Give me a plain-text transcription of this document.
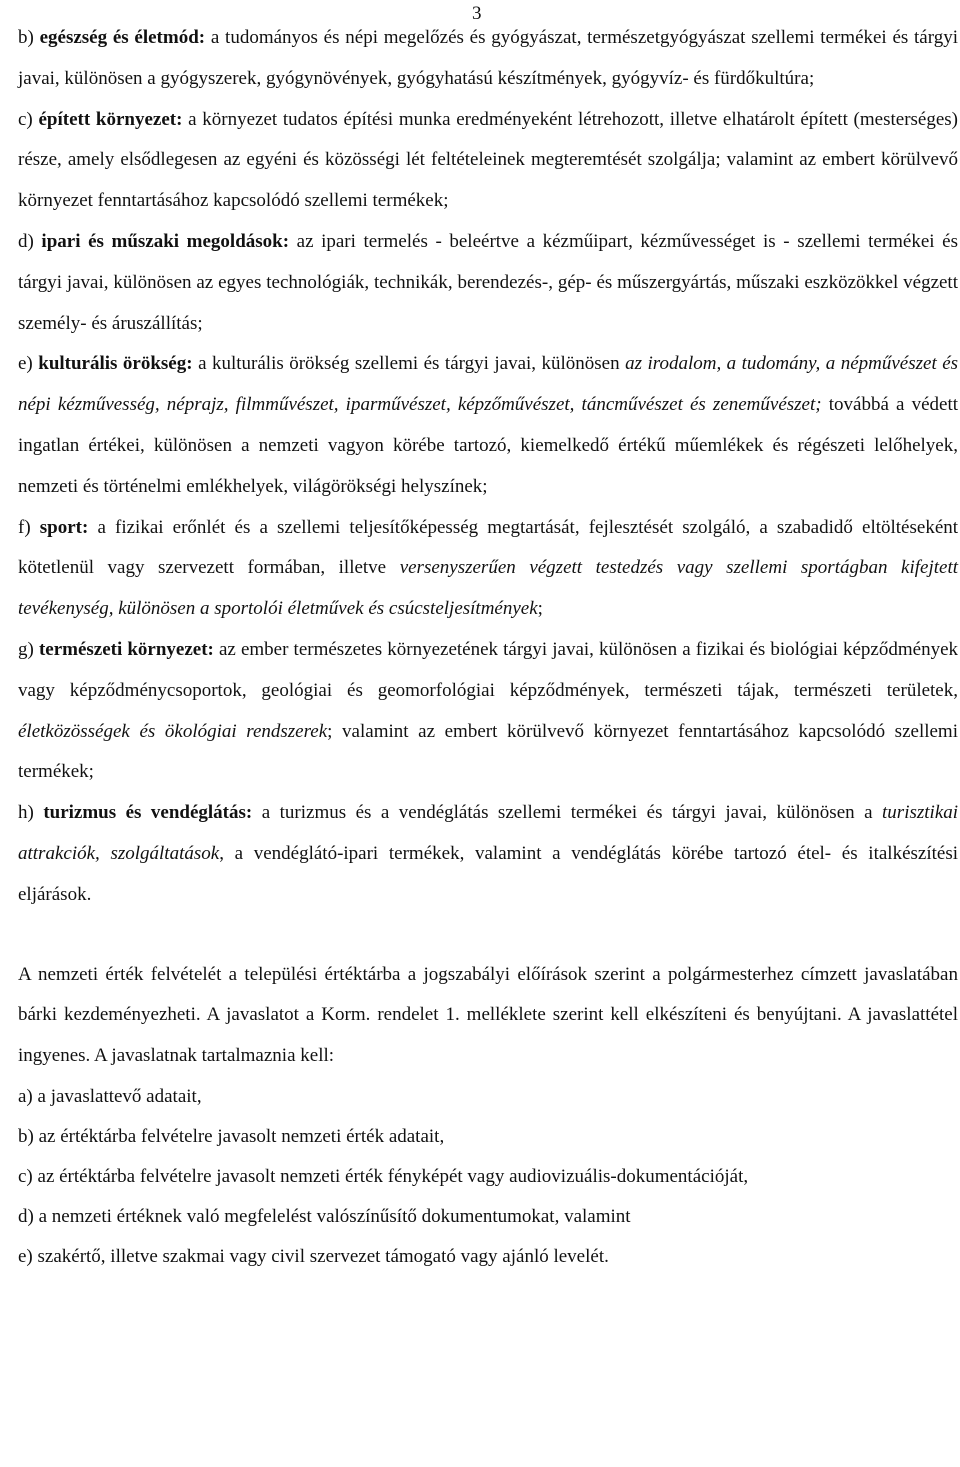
3

b) egészség és életmód: a tudományos és népi megelőzés és gyógyászat, természetgyógyászat szellemi termékei és tárgyi javai, különösen a gyógyszerek, gyógynövények, gyógyhatású készítmények, gyógyvíz- és fürdőkultúra;

c) épített környezet: a környezet tudatos építési munka eredményeként létrehozott, illetve elhatárolt épített (mesterséges) része, amely elsődlegesen az egyéni és közösségi lét feltételeinek megteremtését szolgálja; valamint az embert körülvevő környezet fenntartásához kapcsolódó szellemi termékek;

d) ipari és műszaki megoldások: az ipari termelés - beleértve a kézműipart, kézművességet is - szellemi termékei és tárgyi javai, különösen az egyes technológiák, technikák, berendezés-, gép- és műszergyártás, műszaki eszközökkel végzett személy- és áruszállítás;

e) kulturális örökség: a kulturális örökség szellemi és tárgyi javai, különösen az irodalom, a tudomány, a népművészet és népi kézművesség, néprajz, filmművészet, iparművészet, képzőművészet, táncművészet és zeneművészet; továbbá a védett ingatlan értékei, különösen a nemzeti vagyon körébe tartozó, kiemelkedő értékű műemlékek és régészeti lelőhelyek, nemzeti és történelmi emlékhelyek, világörökségi helyszínek;

f) sport: a fizikai erőnlét és a szellemi teljesítőképesség megtartását, fejlesztését szolgáló, a szabadidő eltöltéseként kötetlenül vagy szervezett formában, illetve versenyszerűen végzett testedzés vagy szellemi sportágban kifejtett tevékenység, különösen a sportolói életművek és csúcsteljesítmények;

g) természeti környezet: az ember természetes környezetének tárgyi javai, különösen a fizikai és biológiai képződmények vagy képződménycsoportok, geológiai és geomorfológiai képződmények, természeti tájak, természeti területek, életközösségek és ökológiai rendszerek; valamint az embert körülvevő környezet fenntartásához kapcsolódó szellemi termékek;

h) turizmus és vendéglátás: a turizmus és a vendéglátás szellemi termékei és tárgyi javai, különösen a turisztikai attrakciók, szolgáltatások, a vendéglátó-ipari termékek, valamint a vendéglátás körébe tartozó étel- és italkészítési eljárások.

A nemzeti érték felvételét a települési értéktárba a jogszabályi előírások szerint a polgármesterhez címzett javaslatában bárki kezdeményezheti. A javaslatot a Korm. rendelet 1. melléklete szerint kell elkészíteni és benyújtani. A javaslattétel ingyenes. A javaslatnak tartalmaznia kell:

a) a javaslattevő adatait,

b) az értéktárba felvételre javasolt nemzeti érték adatait,

c) az értéktárba felvételre javasolt nemzeti érték fényképét vagy audiovizuális-dokumentációját,

d) a nemzeti értéknek való megfelelést valószínűsítő dokumentumokat, valamint

e) szakértő, illetve szakmai vagy civil szervezet támogató vagy ajánló levelét.
